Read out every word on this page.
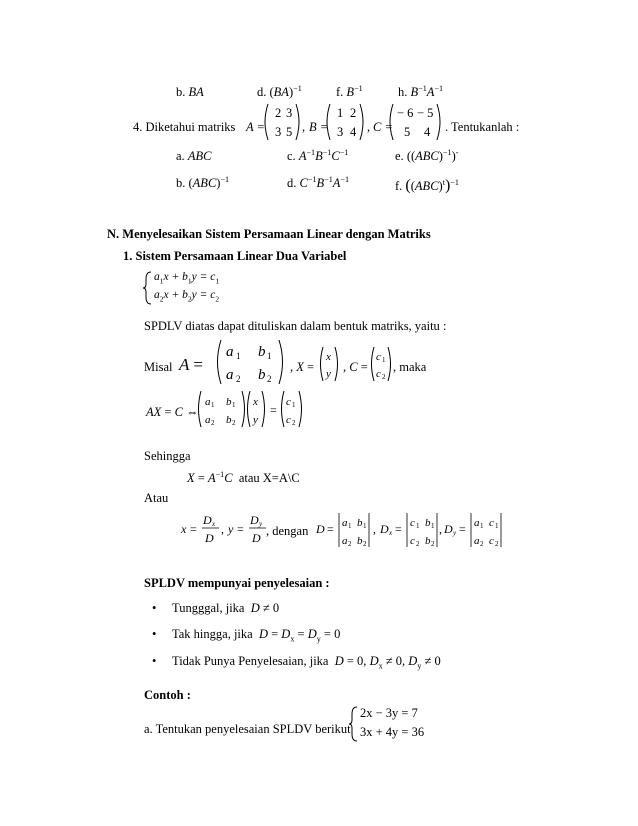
b. BA	d. (BA)$^{-1}$	f. $B^{-1}$	h. $B^{-1}A^{-1}$
4. Diketahui matriks A =
2 3
3 5 , B =
1 2
3 4 , C =
− 6 − 5
5 4 . Tentukanlah :
a. ABC	c. $A^{-1}B^{-1}C^{-1}$	e. ((ABC)$^{-1}$)-
b. (ABC)$^{-1}$	d. $C^{-1}B^{-1}A^{-1}$	f. $((ABC)^t)^{-1}$
N. Menyelesaikan Sistem Persamaan Linear dengan Matriks
1. Sistem Persamaan Linear Dua Variabel
$a_1x + b_1y = c_1$
$a_2x + b_2y = c_2$
SPDLV diatas dapat dituliskan dalam bentuk matriks, yaitu :
Misal A =
a 1 b 1
a 2 b 2
, X =
x
y , C =
c 1
c 2
, maka
AX = C ⇔
a 1 b 1
a 2 b 2
x
y
=
c 1
c 2
Sehingga
$X = A^{-1}C$ atau X=A\C
Atau
x =
D x
D
, y =
D y
D , dengan D = a 1 b 1
a 2 b 2
, D x = c 1 b 1
c 2 b 2
, D y = a 1 c 1
a 2 c 2
SPLDV mempunyai penyelesaian :
• Tungggal, jika D ≠ 0
• Tak hingga, jika $D = D_x = D_y = 0$
• Tidak Punya Penyelesaian, jika D = 0, $D_x \ne 0$, $D_y \ne 0$
Contoh :
a. Tentukan penyelesaian SPLDV berikut
2x − 3y = 7
3x + 4y = 36
